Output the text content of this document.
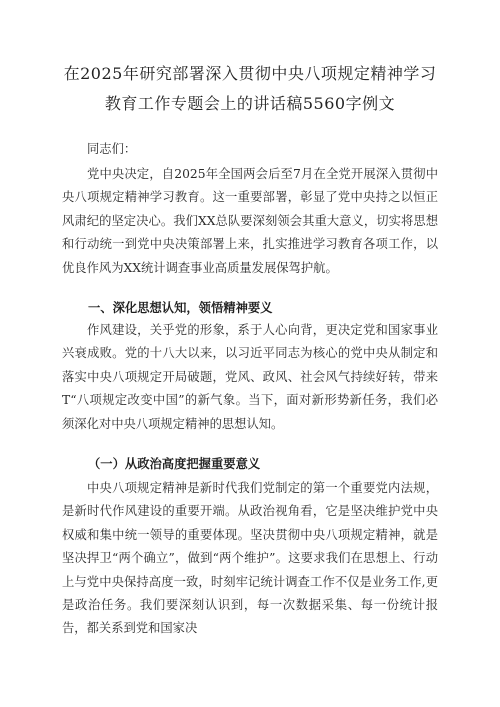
在2025年研究部署深入贯彻中央八项规定精神学习
教育工作专题会上的讲话稿5560字例文
同志们：
党中央决定，自2025年全国两会后至7月在全党开展深入贯彻中央八项规定精神学习教育。这一重要部署，彰显了党中央持之以恒正风肃纪的坚定决心。我们XX总队要深刻领会其重大意义，切实将思想和行动统一到党中央决策部署上来，扎实推进学习教育各项工作，以优良作风为XX统计调查事业高质量发展保驾护航。
一、深化思想认知，领悟精神要义
作风建设，关乎党的形象，系于人心向背，更决定党和国家事业兴衰成败。党的十八大以来，以习近平同志为核心的党中央从制定和落实中央八项规定开局破题，党风、政风、社会风气持续好转，带来T“八项规定改变中国”的新气象。当下，面对新形势新任务，我们必须深化对中央八项规定精神的思想认知。
（一）从政治高度把握重要意义
中央八项规定精神是新时代我们党制定的第一个重要党内法规，是新时代作风建设的重要开端。从政治视角看，它是坚决维护党中央权威和集中统一领导的重要体现。坚决贯彻中央八项规定精神，就是坚决捍卫“两个确立”，做到“两个维护”。这要求我们在思想上、行动上与党中央保持高度一致，时刻牢记统计调查工作不仅是业务工作,更是政治任务。我们要深刻认识到，每一次数据采集、每一份统计报告，都关系到党和国家决
